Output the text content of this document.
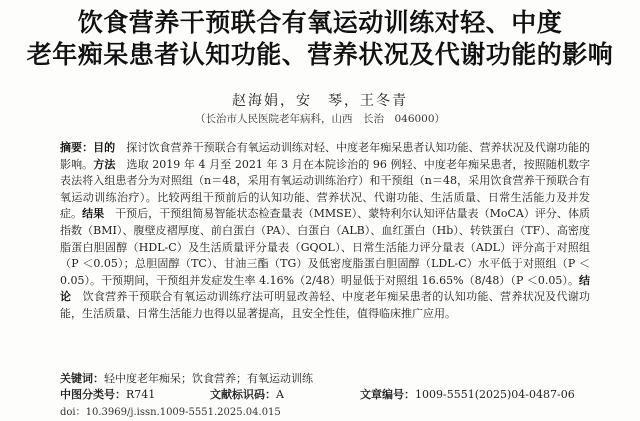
饮食营养干预联合有氧运动训练对轻、中度
老年痴呆患者认知功能、营养状况及代谢功能的影响
赵海娟，安　琴，王冬青
（长治市人民医院老年病科，山西　长治　046000）
摘要：目的　探讨饮食营养干预联合有氧运动训练对轻、中度老年痴呆患者认知功能、营养状况及代谢功能的影响。方法　选取 2019 年 4 月至 2021 年 3 月在本院诊治的 96 例轻、中度老年痴呆患者，按照随机数字表法将入组患者分为对照组（n＝48，采用有氧运动训练治疗）和干预组（n＝48，采用饮食营养干预联合有氧运动训练治疗）。比较两组干预前后的认知功能、营养状况、代谢功能、生活质量、日常生活能力及并发症。结果　干预后，干预组简易智能状态检查量表（MMSE）、蒙特利尔认知评估量表（MoCA）评分、体质指数（BMI）、腹壁皮褶厚度、前白蛋白（PA）、白蛋白（ALB）、血红蛋白（Hb）、转铁蛋白（TF）、高密度脂蛋白胆固醇（HDL-C）及生活质量评分量表（GQOL）、日常生活能力评分量表（ADL）评分高于对照组（P ＜0.05）；总胆固醇（TC）、甘油三酯（TG）及低密度脂蛋白胆固醇（LDL-C）水平低于对照组（P ＜0.05）。干预期间，干预组并发症发生率 4.16%（2/48）明显低于对照组 16.65%（8/48）（P ＜0.05）。结论　饮食营养干预联合有氧运动训练疗法可明显改善轻、中度老年痴呆患者的认知功能、营养状况及代谢功能，生活质量、日常生活能力也得以显著提高，且安全性佳，值得临床推广应用。
关键词：轻中度老年痴呆；饮食营养；有氧运动训练
中图分类号：R741	文献标识码：A	文章编号：1009-5551(2025)04-0487-06
doi：10.3969/j.issn.1009-5551.2025.04.015
